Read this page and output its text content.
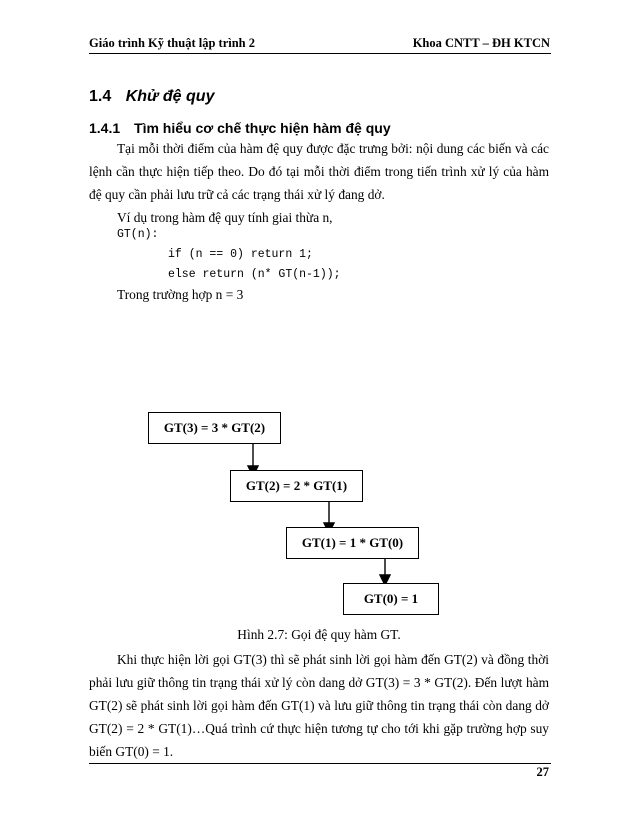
Giáo trình Kỹ thuật lập trình 2	Khoa CNTT – ĐH KTCN
1.4 Khử đệ quy
1.4.1 Tìm hiểu cơ chế thực hiện hàm đệ quy
Tại mỗi thời điểm của hàm đệ quy được đặc trưng bởi: nội dung các biến và các
lệnh cần thực hiện tiếp theo. Do đó tại mỗi thời điểm trong tiến trình xử lý của hàm
đệ quy cần phải lưu trữ cả các trạng thái xử lý đang dở.
Ví dụ trong hàm đệ quy tính giai thừa n,
GT(n):
if (n == 0) return 1;
else return (n* GT(n-1));
Trong trường hợp n = 3
GT(3) = 3 * GT(2)
GT(2) = 2 * GT(1)
GT(1) = 1 * GT(0)
GT(0) = 1
Hình 2.7: Gọi đệ quy hàm GT.
Khi thực hiện lời gọi GT(3) thì sẽ phát sinh lời gọi hàm đến GT(2) và đồng thời
phải lưu giữ thông tin trạng thái xử lý còn dang dở GT(3) = 3 * GT(2). Đến lượt hàm
GT(2) sẽ phát sinh lời gọi hàm đến GT(1) và lưu giữ thông tin trạng thái còn dang dở
GT(2) = 2 * GT(1)…Quá trình cứ thực hiện tương tự cho tới khi gặp trường hợp suy
biến GT(0) = 1.
27
